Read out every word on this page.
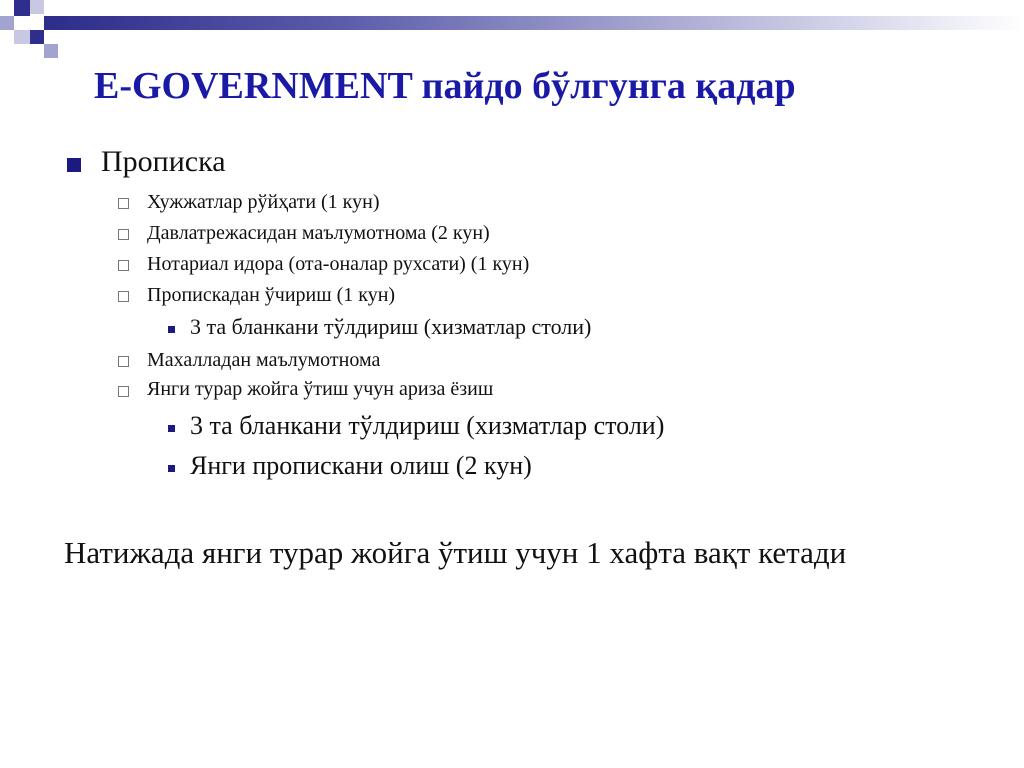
E-GOVERNMENT пайдо бўлгунга қадар
Прописка
Хужжатлар рўйҳати (1 кун)
Давлатрежасидан маълумотнома (2 кун)
Нотариал идора (ота-оналар рухсати) (1 кун)
Пропискадан ўчириш (1 кун)
3 та бланкани тўлдириш (хизматлар столи)
Махалладан маълумотнома
Янги турар жойга ўтиш учун ариза ёзиш
3 та бланкани тўлдириш (хизматлар столи)
Янги пропискани олиш (2 кун)

Натижада янги турар жойга ўтиш учун 1 хафта вақт кетади
